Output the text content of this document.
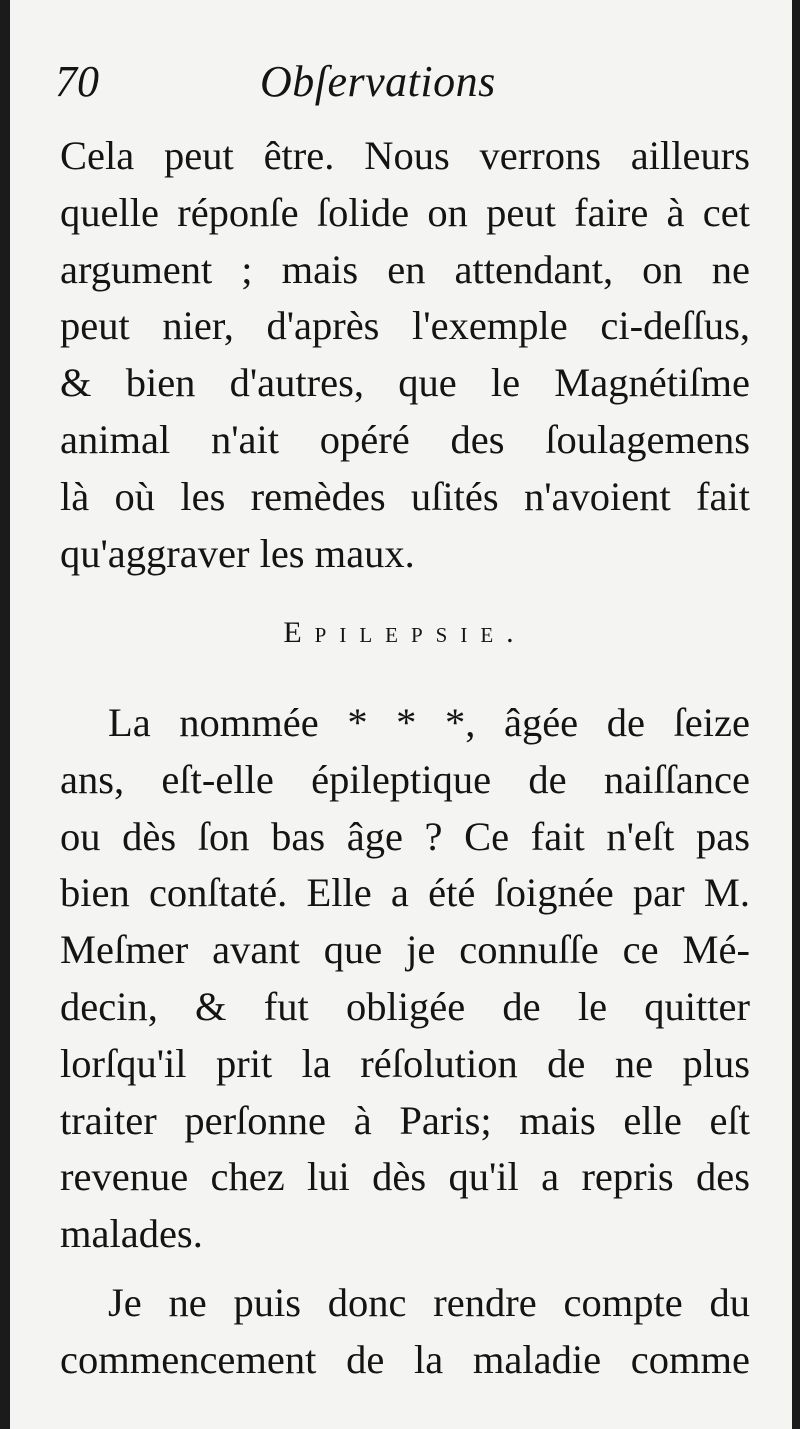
70	Obſervations
Cela peut être. Nous verrons ailleurs
quelle réponſe ſolide on peut faire à cet
argument ; mais en attendant, on ne
peut nier, d'après l'exemple ci-deſſus,
& bien d'autres, que le Magnétiſme
animal n'ait opéré des ſoulagemens
là où les remèdes uſités n'avoient fait
qu'aggraver les maux.
Epilepsie.
La nommée * * *, âgée de ſeize
ans, eſt-elle épileptique de naiſſance
ou dès ſon bas âge ? Ce fait n'eſt pas
bien conſtaté. Elle a été ſoignée par M.
Meſmer avant que je connuſſe ce Mé-
decin, & fut obligée de le quitter
lorſqu'il prit la réſolution de ne plus
traiter perſonne à Paris; mais elle eſt
revenue chez lui dès qu'il a repris des
malades.
Je ne puis donc rendre compte du
commencement de la maladie comme
